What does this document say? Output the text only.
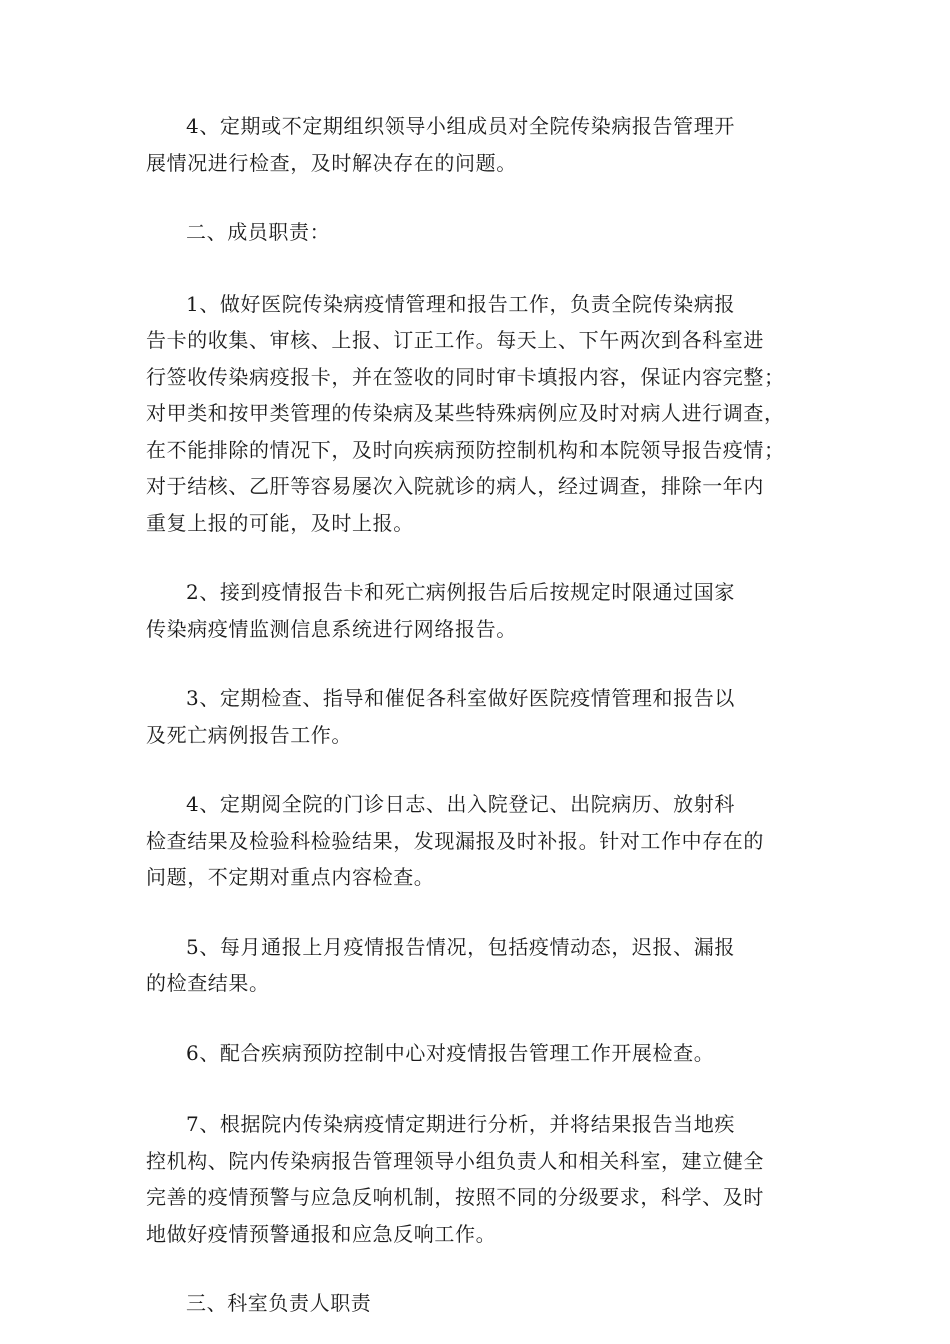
4、定期或不定期组织领导小组成员对全院传染病报告管理开
展情况进行检查，及时解决存在的问题。

二、成员职责：

1、做好医院传染病疫情管理和报告工作，负责全院传染病报
告卡的收集、审核、上报、订正工作。每天上、下午两次到各科室进
行签收传染病疫报卡，并在签收的同时审卡填报内容，保证内容完整；
对甲类和按甲类管理的传染病及某些特殊病例应及时对病人进行调查，
在不能排除的情况下，及时向疾病预防控制机构和本院领导报告疫情；
对于结核、乙肝等容易屡次入院就诊的病人，经过调查，排除一年内
重复上报的可能，及时上报。

2、接到疫情报告卡和死亡病例报告后后按规定时限通过国家
传染病疫情监测信息系统进行网络报告。

3、定期检查、指导和催促各科室做好医院疫情管理和报告以
及死亡病例报告工作。

4、定期阅全院的门诊日志、出入院登记、出院病历、放射科
检查结果及检验科检验结果，发现漏报及时补报。针对工作中存在的
问题，不定期对重点内容检查。

5、每月通报上月疫情报告情况，包括疫情动态，迟报、漏报
的检查结果。

6、配合疾病预防控制中心对疫情报告管理工作开展检查。

7、根据院内传染病疫情定期进行分析，并将结果报告当地疾
控机构、院内传染病报告管理领导小组负责人和相关科室，建立健全
完善的疫情预警与应急反响机制，按照不同的分级要求，科学、及时
地做好疫情预警通报和应急反响工作。

三、科室负责人职责
